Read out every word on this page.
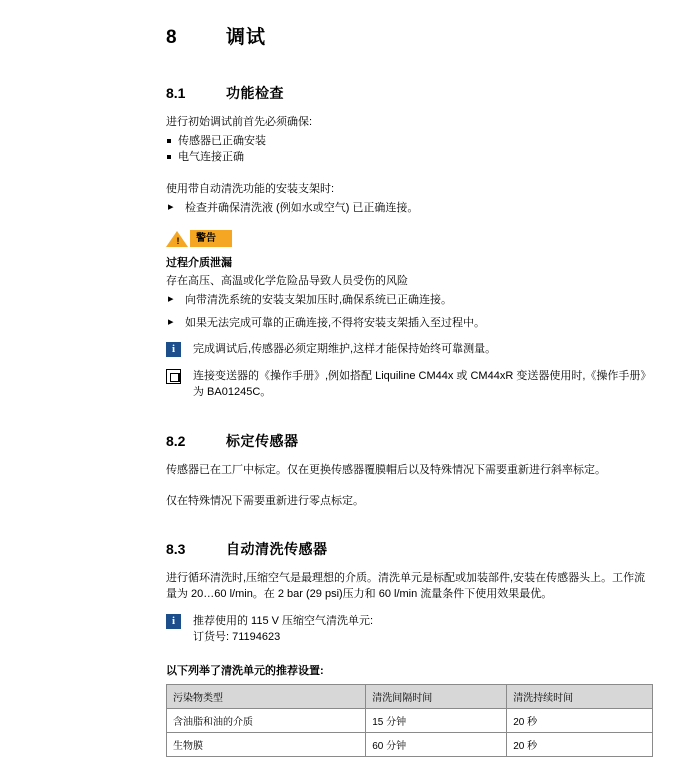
8	调试
8.1	功能检查

进行初始调试前首先必须确保:

传感器已正确安装
电气连接正确

使用带自动清洗功能的安装支架时:

▸ 检查并确保清洗液 (例如水或空气) 已正确连接。
!
警告
过程介质泄漏

存在高压、高温或化学危险品导致人员受伤的风险

▸ 向带清洗系统的安装支架加压时,确保系统已正确连接。
▸ 如果无法完成可靠的正确连接,不得将安装支架插入至过程中。
i
完成调试后,传感器必须定期维护,这样才能保持始终可靠测量。
连接变送器的《操作手册》,例如搭配 Liquiline CM44x 或 CM44xR 变送器使用时,《操作手册》为 BA01245C。
8.2	标定传感器

传感器已在工厂中标定。仅在更换传感器覆膜帽后以及特殊情况下需要重新进行斜率标定。

仅在特殊情况下需要重新进行零点标定。

8.3	自动清洗传感器

进行循环清洗时,压缩空气是最理想的介质。清洗单元是标配或加装部件,安装在传感器头上。工作流量为 20…60 l/min。在 2 bar (29 psi)压力和 60 l/min 流量条件下使用效果最优。

i
推荐使用的 115 V 压缩空气清洗单元:
订货号: 71194623
以下列举了清洗单元的推荐设置:
污染物类型	清洗间隔时间	清洗持续时间
含油脂和油的介质	15 分钟	20 秒
生物膜	60 分钟	20 秒
